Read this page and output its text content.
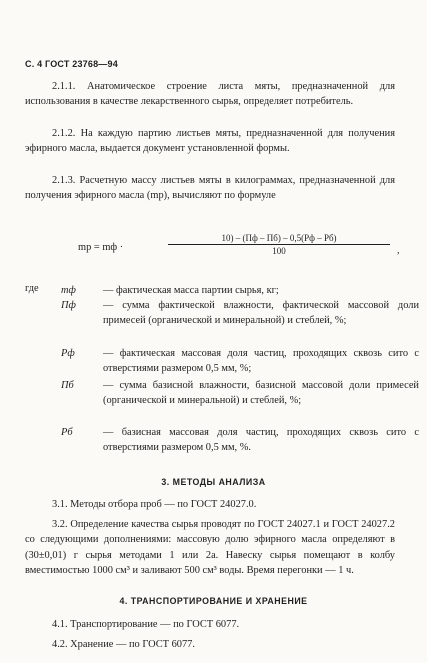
С. 4 ГОСТ 23768—94
2.1.1. Анатомическое строение листа мяты, предназначенной для использования в качестве лекарственного сырья, определяет потребитель.
2.1.2. На каждую партию листьев мяты, предназначенной для получения эфирного масла, выдается документ установленной формы.
2.1.3. Расчетную массу листьев мяты в килограммах, предназначенной для получения эфирного масла (mр), вычисляют по формуле
mр = mф ·
10) – (Пф – Пб) – 0,5(Рф – Рб)
100	,
где mф	— фактическая масса партии сырья, кг;
Пф	— сумма фактической влажности, фактической массовой доли примесей (органической и минеральной) и стеблей, %;
Рф	— фактическая массовая доля частиц, проходящих сквозь сито с отверстиями размером 0,5 мм, %;
Пб	— сумма базисной влажности, базисной массовой доли примесей (органической и минеральной) и стеблей, %;
Рб	— базисная массовая доля частиц, проходящих сквозь сито с отверстиями размером 0,5 мм, %.
3. МЕТОДЫ АНАЛИЗА
3.1. Методы отбора проб — по ГОСТ 24027.0.
3.2. Определение качества сырья проводят по ГОСТ 24027.1 и ГОСТ 24027.2 со следующими дополнениями: массовую долю эфирного масла определяют в (30±0,01) г сырья методами 1 или 2а. Навеску сырья помещают в колбу вместимостью 1000 см³ и заливают 500 см³ воды. Время перегонки — 1 ч.
4. ТРАНСПОРТИРОВАНИЕ И ХРАНЕНИЕ
4.1. Транспортирование — по ГОСТ 6077.
4.2. Хранение — по ГОСТ 6077.
